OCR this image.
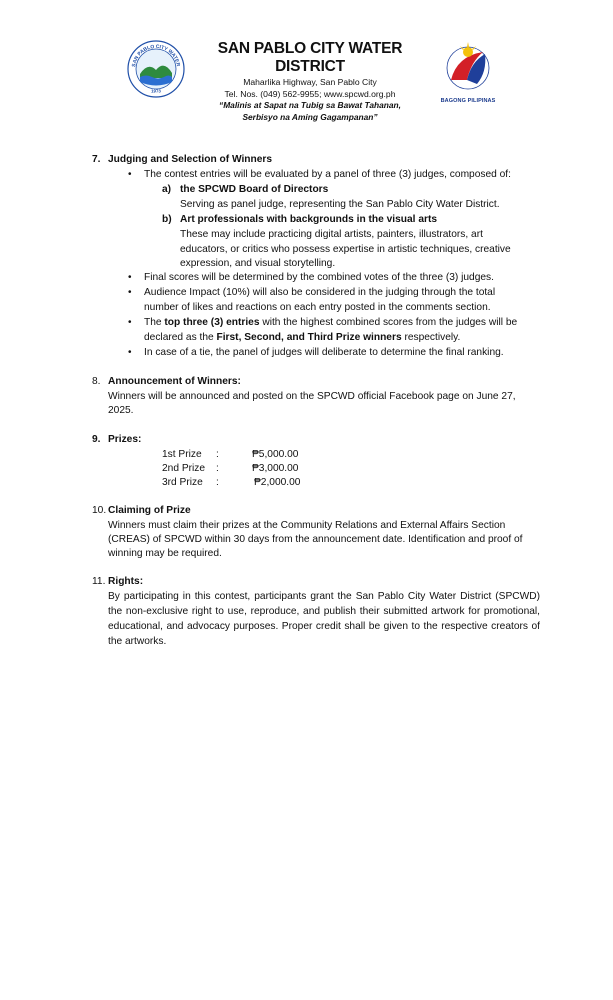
SAN PABLO CITY WATER
1973
SAN PABLO CITY WATER DISTRICT
Maharlika Highway, San Pablo City
Tel. Nos. (049) 562-9955; www.spcwd.org.ph
“Malinis at Sapat na Tubig sa Bawat Tahanan,
Serbisyo na Aming Gagampanan”
BAGONG PILIPINAS
7. Judging and Selection of Winners
• The contest entries will be evaluated by a panel of three (3) judges, composed of:
a) the SPCWD Board of Directors
Serving as panel judge, representing the San Pablo City Water District.
b) Art professionals with backgrounds in the visual arts
These may include practicing digital artists, painters, illustrators, art
educators, or critics who possess expertise in artistic techniques, creative
expression, and visual storytelling.
• Final scores will be determined by the combined votes of the three (3) judges.
• Audience Impact (10%) will also be considered in the judging through the total
number of likes and reactions on each entry posted in the comments section.
• The top three (3) entries with the highest combined scores from the judges will be
declared as the First, Second, and Third Prize winners respectively.
• In case of a tie, the panel of judges will deliberate to determine the final ranking.
8. Announcement of Winners:
Winners will be announced and posted on the SPCWD official Facebook page on June 27,
2025.
9. Prizes:
1st Prize :	₱5,000.00
2nd Prize :	₱3,000.00
3rd Prize :	₱2,000.00
10. Claiming of Prize
Winners must claim their prizes at the Community Relations and External Affairs Section
(CREAS) of SPCWD within 30 days from the announcement date. Identification and proof of
winning may be required.
11. Rights:
By participating in this contest, participants grant the San Pablo City Water District (SPCWD) the non-exclusive right to use, reproduce, and publish their submitted artwork for promotional, educational, and advocacy purposes. Proper credit shall be given to the respective creators of the artworks.
